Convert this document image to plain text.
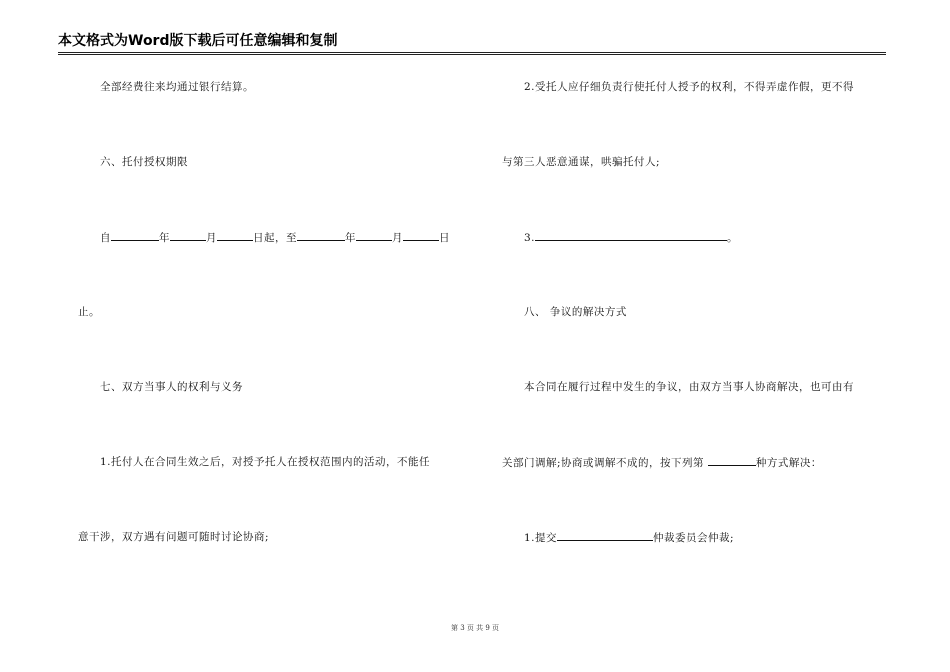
本文格式为Word版下载后可任意编辑和复制
全部经费往来均通过银行结算。
六、托付授权期限
自	年	月	日起，至	年	月	日
止。
七、双方当事人的权利与义务
1.托付人在合同生效之后，对授予托人在授权范围内的活动，不能任
意干涉，双方遇有问题可随时讨论协商;
2.受托人应仔细负责行使托付人授予的权利，不得弄虚作假，更不得
与第三人恶意通谋，哄骗托付人;
3.	。
八、 争议的解决方式
本合同在履行过程中发生的争议，由双方当事人协商解决，也可由有
关部门调解;协商或调解不成的，按下列第	种方式解决：
1.提交	仲裁委员会仲裁;
第 3 页 共 9 页
